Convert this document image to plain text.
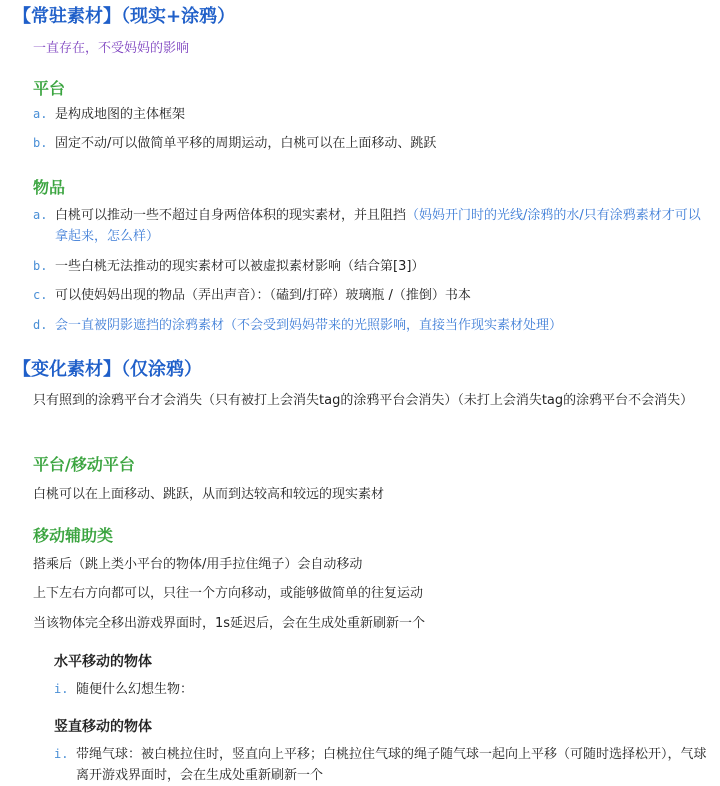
【常驻素材】（现实+涂鸦）
一直存在，不受妈妈的影响
平台
a. 是构成地图的主体框架
b. 固定不动/可以做简单平移的周期运动，白桃可以在上面移动、跳跃
物品
a. 白桃可以推动一些不超过自身两倍体积的现实素材，并且阻挡（妈妈开门时的光线/涂鸦的水/只有涂鸦素材才可以拿起来，怎么样）
b. 一些白桃无法推动的现实素材可以被虚拟素材影响（结合第[3]）
c. 可以使妈妈出现的物品（弄出声音）：（磕到/打碎）玻璃瓶 /（推倒）书本
d. 会一直被阴影遮挡的涂鸦素材（不会受到妈妈带来的光照影响，直接当作现实素材处理）
【变化素材】（仅涂鸦）
只有照到的涂鸦平台才会消失（只有被打上会消失tag的涂鸦平台会消失）（未打上会消失tag的涂鸦平台不会消失）
平台/移动平台
白桃可以在上面移动、跳跃，从而到达较高和较远的现实素材
移动辅助类
搭乘后（跳上类小平台的物体/用手拉住绳子）会自动移动
上下左右方向都可以，只往一个方向移动，或能够做简单的往复运动
当该物体完全移出游戏界面时，1s延迟后，会在生成处重新刷新一个
水平移动的物体
i. 随便什么幻想生物：
竖直移动的物体
i. 带绳气球：被白桃拉住时，竖直向上平移；白桃拉住气球的绳子随气球一起向上平移（可随时选择松开），气球离开游戏界面时，会在生成处重新刷新一个
